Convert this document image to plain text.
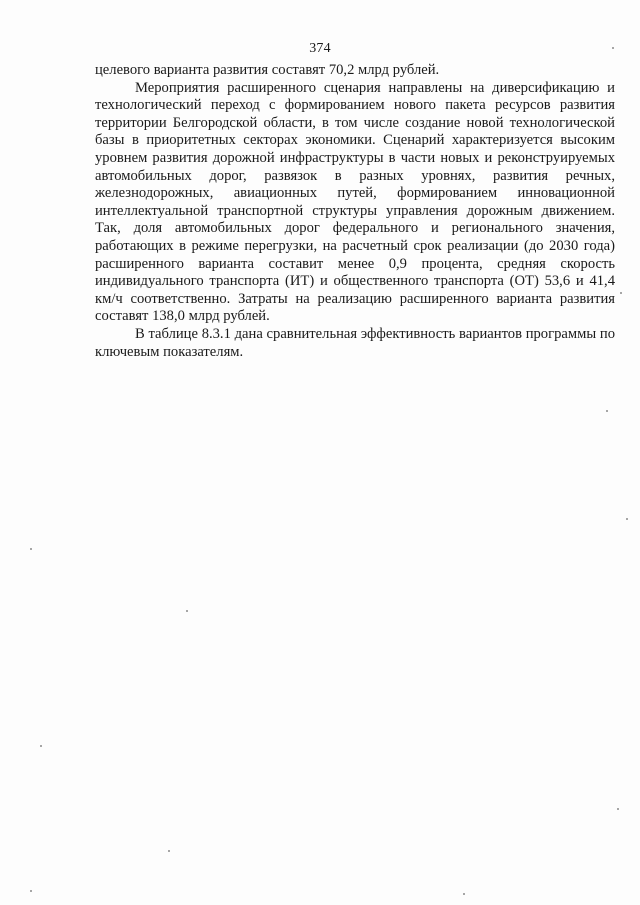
374

целевого варианта развития составят 70,2 млрд рублей.

Мероприятия расширенного сценария направлены на диверсификацию и технологический переход с формированием нового пакета ресурсов развития территории Белгородской области, в том числе создание новой технологической базы в приоритетных секторах экономики. Сценарий характеризуется высоким уровнем развития дорожной инфраструктуры в части новых и реконструируемых автомобильных дорог, развязок в разных уровнях, развития речных, железнодорожных, авиационных путей, формированием инновационной интеллектуальной транспортной структуры управления дорожным движением. Так, доля автомобильных дорог федерального и регионального значения, работающих в режиме перегрузки, на расчетный срок реализации (до 2030 года) расширенного варианта составит менее 0,9 процента, средняя скорость индивидуального транспорта (ИТ) и общественного транспорта (ОТ) 53,6 и 41,4 км/ч соответственно. Затраты на реализацию расширенного варианта развития составят 138,0 млрд рублей.

В таблице 8.3.1 дана сравнительная эффективность вариантов программы по ключевым показателям.
